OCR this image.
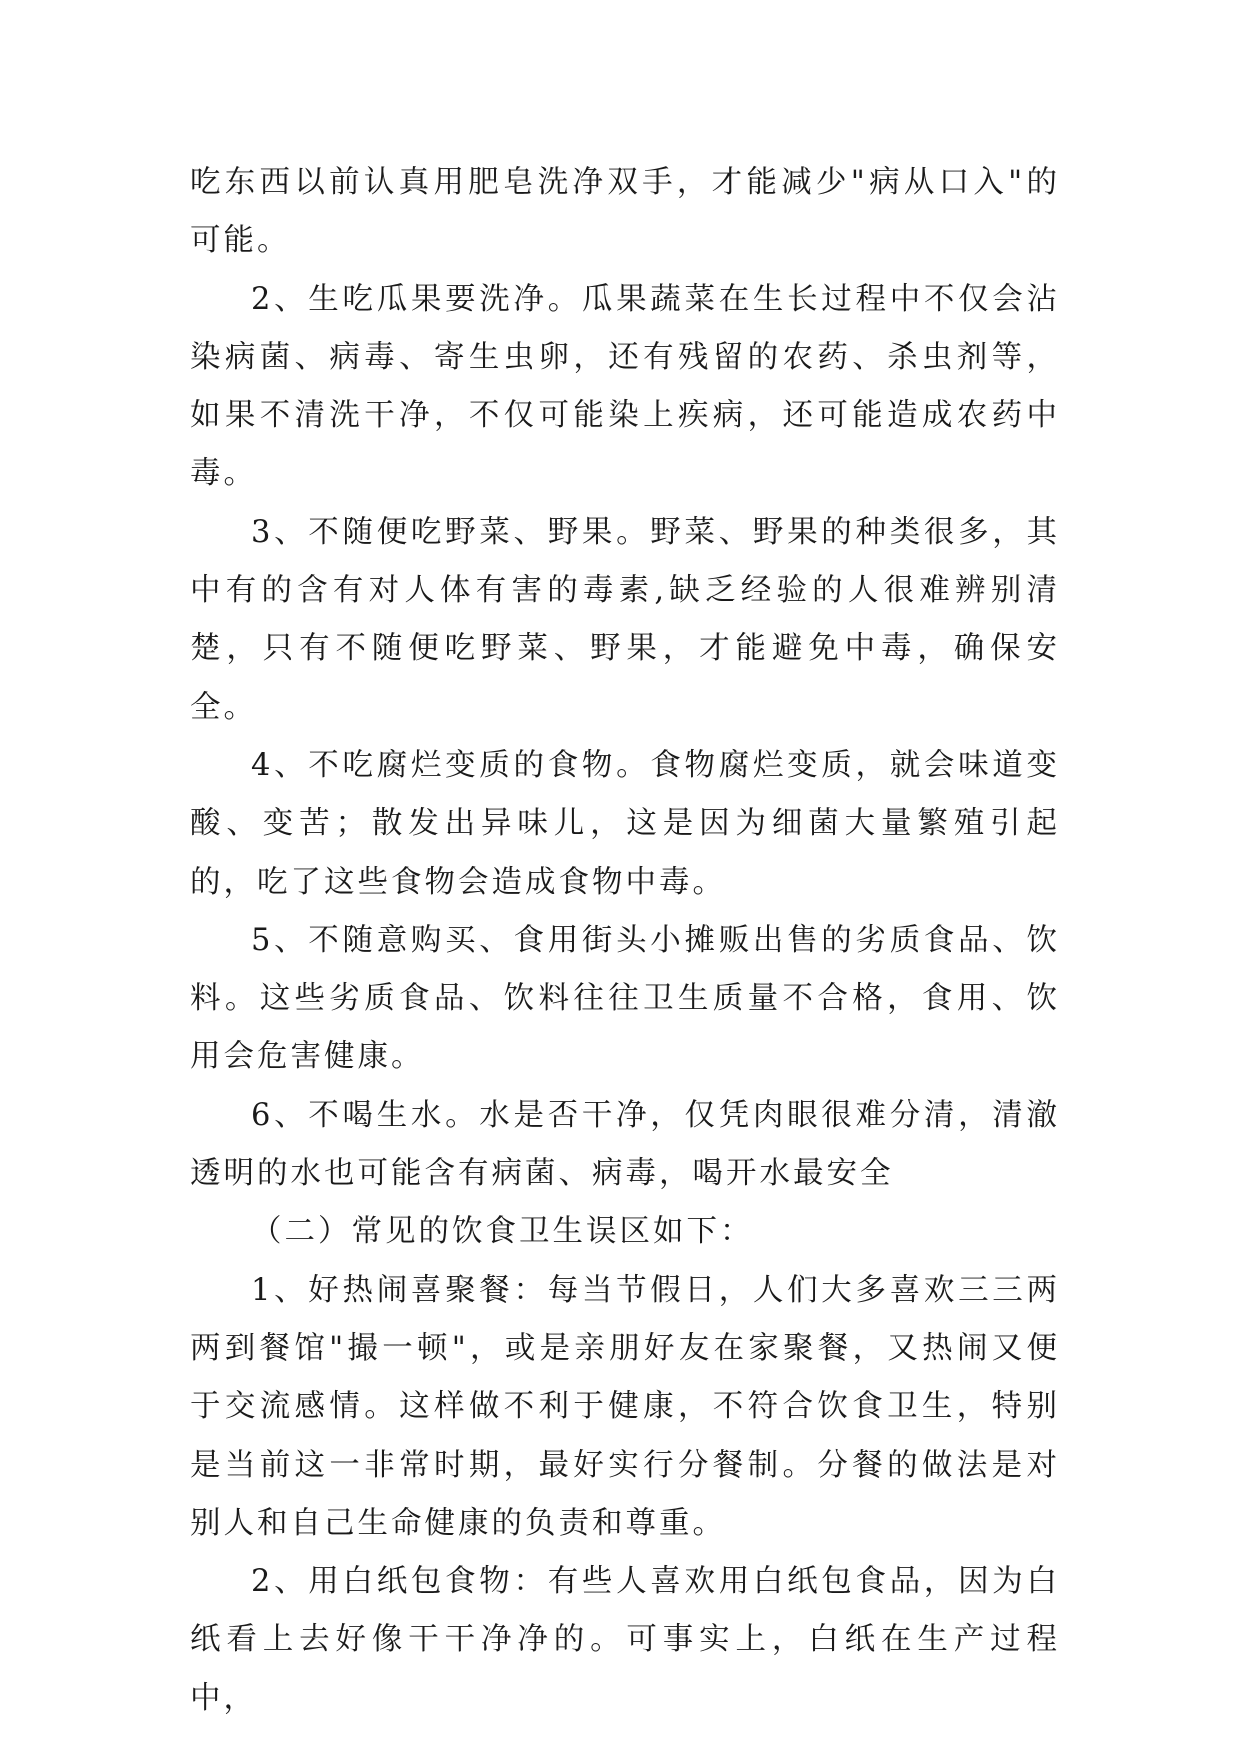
吃东西以前认真用肥皂洗净双手，才能减少"病从口入"的可能。

2、生吃瓜果要洗净。瓜果蔬菜在生长过程中不仅会沾染病菌、病毒、寄生虫卵，还有残留的农药、杀虫剂等，如果不清洗干净，不仅可能染上疾病，还可能造成农药中毒。

3、不随便吃野菜、野果。野菜、野果的种类很多，其中有的含有对人体有害的毒素,缺乏经验的人很难辨别清楚，只有不随便吃野菜、野果，才能避免中毒，确保安全。

4、不吃腐烂变质的食物。食物腐烂变质，就会味道变酸、变苦；散发出异味儿，这是因为细菌大量繁殖引起的，吃了这些食物会造成食物中毒。

5、不随意购买、食用街头小摊贩出售的劣质食品、饮料。这些劣质食品、饮料往往卫生质量不合格，食用、饮用会危害健康。

6、不喝生水。水是否干净，仅凭肉眼很难分清，清澈透明的水也可能含有病菌、病毒，喝开水最安全

（二）常见的饮食卫生误区如下：

1、好热闹喜聚餐：每当节假日，人们大多喜欢三三两两到餐馆"撮一顿"，或是亲朋好友在家聚餐，又热闹又便于交流感情。这样做不利于健康，不符合饮食卫生，特别是当前这一非常时期，最好实行分餐制。分餐的做法是对别人和自己生命健康的负责和尊重。

2、用白纸包食物：有些人喜欢用白纸包食品，因为白纸看上去好像干干净净的。可事实上，白纸在生产过程中，
